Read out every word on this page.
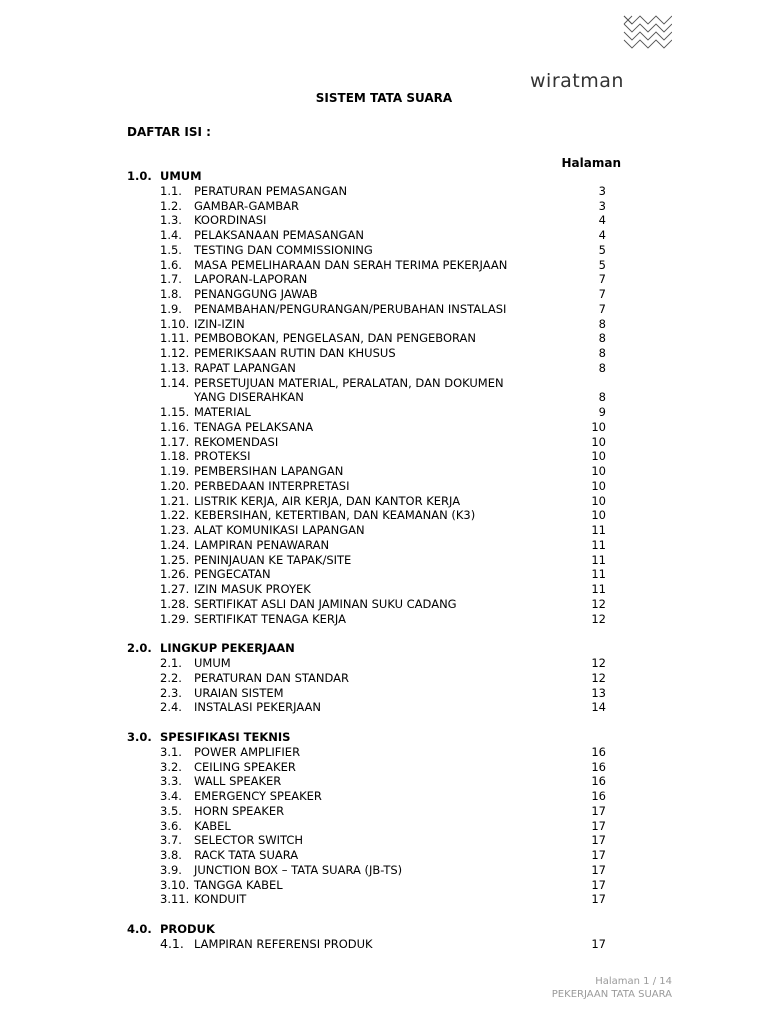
wiratman
SISTEM TATA SUARA
DAFTAR ISI :
Halaman
1.0. UMUM
1.1. PERATURAN PEMASANGAN	3
1.2. GAMBAR-GAMBAR	3
1.3. KOORDINASI	4
1.4. PELAKSANAAN PEMASANGAN	4
1.5. TESTING DAN COMMISSIONING	5
1.6. MASA PEMELIHARAAN DAN SERAH TERIMA PEKERJAAN	5
1.7. LAPORAN-LAPORAN	7
1.8. PENANGGUNG JAWAB	7
1.9. PENAMBAHAN/PENGURANGAN/PERUBAHAN INSTALASI	7
1.10. IZIN-IZIN	8
1.11. PEMBOBOKAN, PENGELASAN, DAN PENGEBORAN	8
1.12. PEMERIKSAAN RUTIN DAN KHUSUS	8
1.13. RAPAT LAPANGAN	8
1.14. PERSETUJUAN MATERIAL, PERALATAN, DAN DOKUMEN
YANG DISERAHKAN	8
1.15. MATERIAL	9
1.16. TENAGA PELAKSANA	10
1.17. REKOMENDASI	10
1.18. PROTEKSI	10
1.19. PEMBERSIHAN LAPANGAN	10
1.20. PERBEDAAN INTERPRETASI	10
1.21. LISTRIK KERJA, AIR KERJA, DAN KANTOR KERJA	10
1.22. KEBERSIHAN, KETERTIBAN, DAN KEAMANAN (K3)	10
1.23. ALAT KOMUNIKASI LAPANGAN	11
1.24. LAMPIRAN PENAWARAN	11
1.25. PENINJAUAN KE TAPAK/SITE	11
1.26. PENGECATAN	11
1.27. IZIN MASUK PROYEK	11
1.28. SERTIFIKAT ASLI DAN JAMINAN SUKU CADANG	12
1.29. SERTIFIKAT TENAGA KERJA	12
2.0. LINGKUP PEKERJAAN
2.1. UMUM	12
2.2. PERATURAN DAN STANDAR	12
2.3. URAIAN SISTEM	13
2.4. INSTALASI PEKERJAAN	14
3.0. SPESIFIKASI TEKNIS
3.1. POWER AMPLIFIER	16
3.2. CEILING SPEAKER	16
3.3. WALL SPEAKER	16
3.4. EMERGENCY SPEAKER	16
3.5. HORN SPEAKER	17
3.6. KABEL	17
3.7. SELECTOR SWITCH	17
3.8. RACK TATA SUARA	17
3.9. JUNCTION BOX – TATA SUARA (JB-TS)	17
3.10. TANGGA KABEL	17
3.11. KONDUIT	17
4.0. PRODUK
4.1. LAMPIRAN REFERENSI PRODUK	17
Halaman 1 / 14
PEKERJAAN TATA SUARA
